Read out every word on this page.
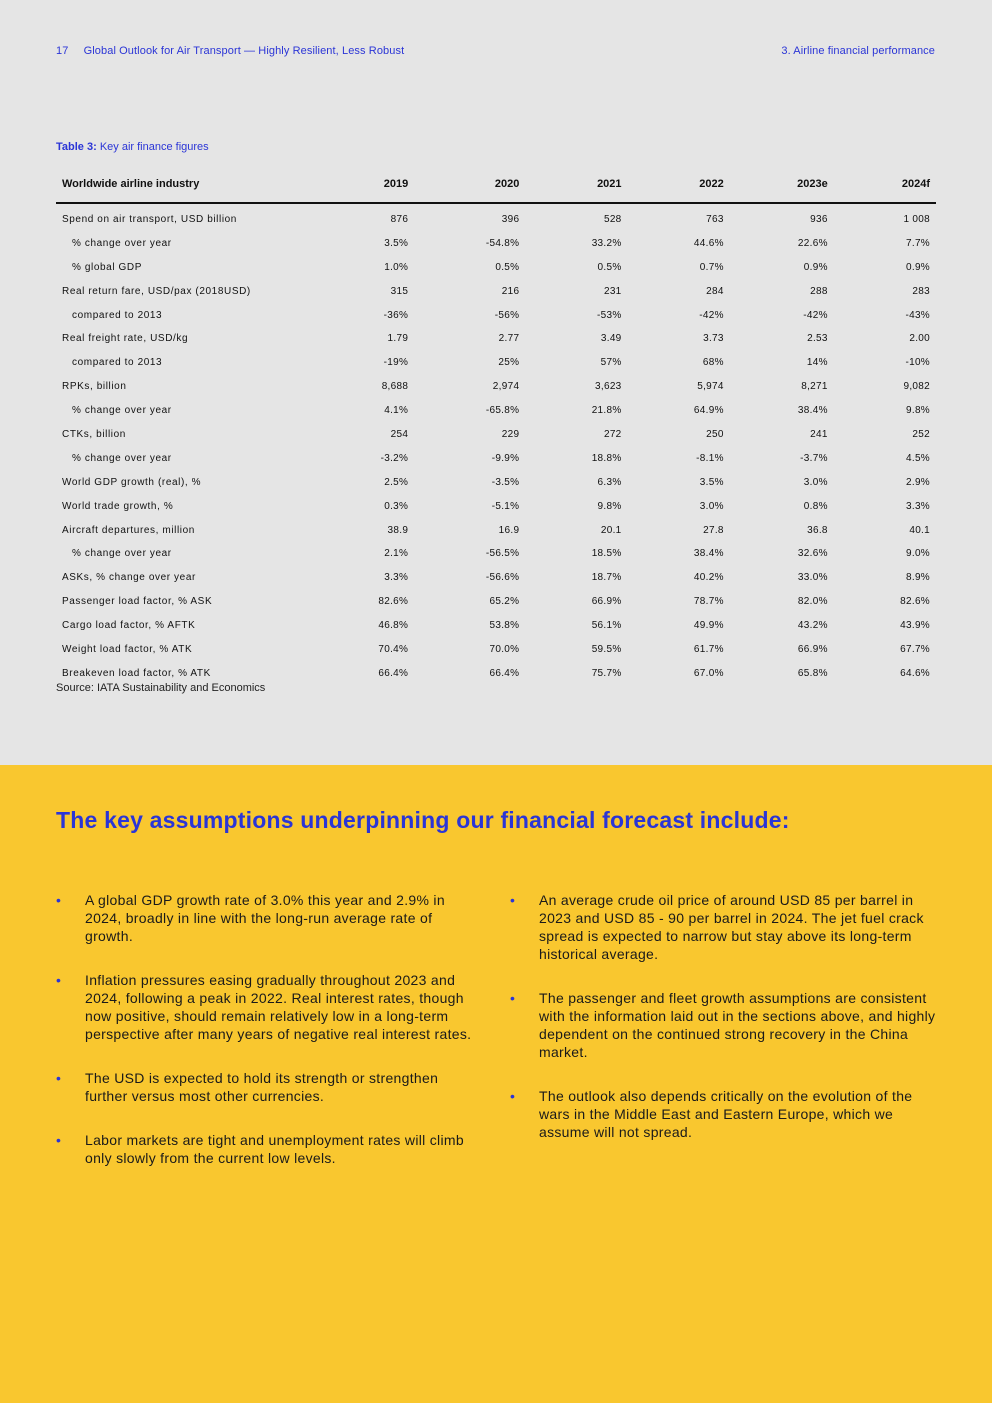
17 Global Outlook for Air Transport — Highly Resilient, Less Robust	3. Airline financial performance
Table 3: Key air finance figures
Worldwide airline industry	2019	2020	2021	2022	2023e	2024f
Spend on air transport, USD billion	876	396	528	763	936	1 008
% change over year	3.5%	-54.8%	33.2%	44.6%	22.6%	7.7%
% global GDP	1.0%	0.5%	0.5%	0.7%	0.9%	0.9%
Real return fare, USD/pax (2018USD)	315	216	231	284	288	283
compared to 2013	-36%	-56%	-53%	-42%	-42%	-43%
Real freight rate, USD/kg	1.79	2.77	3.49	3.73	2.53	2.00
compared to 2013	-19%	25%	57%	68%	14%	-10%
RPKs, billion	8,688	2,974	3,623	5,974	8,271	9,082
% change over year	4.1%	-65.8%	21.8%	64.9%	38.4%	9.8%
CTKs, billion	254	229	272	250	241	252
% change over year	-3.2%	-9.9%	18.8%	-8.1%	-3.7%	4.5%
World GDP growth (real), %	2.5%	-3.5%	6.3%	3.5%	3.0%	2.9%
World trade growth, %	0.3%	-5.1%	9.8%	3.0%	0.8%	3.3%
Aircraft departures, million	38.9	16.9	20.1	27.8	36.8	40.1
% change over year	2.1%	-56.5%	18.5%	38.4%	32.6%	9.0%
ASKs, % change over year	3.3%	-56.6%	18.7%	40.2%	33.0%	8.9%
Passenger load factor, % ASK	82.6%	65.2%	66.9%	78.7%	82.0%	82.6%
Cargo load factor, % AFTK	46.8%	53.8%	56.1%	49.9%	43.2%	43.9%
Weight load factor, % ATK	70.4%	70.0%	59.5%	61.7%	66.9%	67.7%
Breakeven load factor, % ATK	66.4%	66.4%	75.7%	67.0%	65.8%	64.6%
Source: IATA Sustainability and Economics
The key assumptions underpinning our financial forecast include:
• A global GDP growth rate of 3.0% this year and 2.9% in 2024, broadly in line with the long-run average rate of growth.
• Inflation pressures easing gradually throughout 2023 and 2024, following a peak in 2022. Real interest rates, though now positive, should remain relatively low in a long-term perspective after many years of negative real interest rates.
• The USD is expected to hold its strength or strengthen further versus most other currencies.
• Labor markets are tight and unemployment rates will climb only slowly from the current low levels.
• An average crude oil price of around USD 85 per barrel in 2023 and USD 85 - 90 per barrel in 2024. The jet fuel crack spread is expected to narrow but stay above its long-term historical average.
• The passenger and fleet growth assumptions are consistent with the information laid out in the sections above, and highly dependent on the continued strong recovery in the China market.
• The outlook also depends critically on the evolution of the wars in the Middle East and Eastern Europe, which we assume will not spread.
